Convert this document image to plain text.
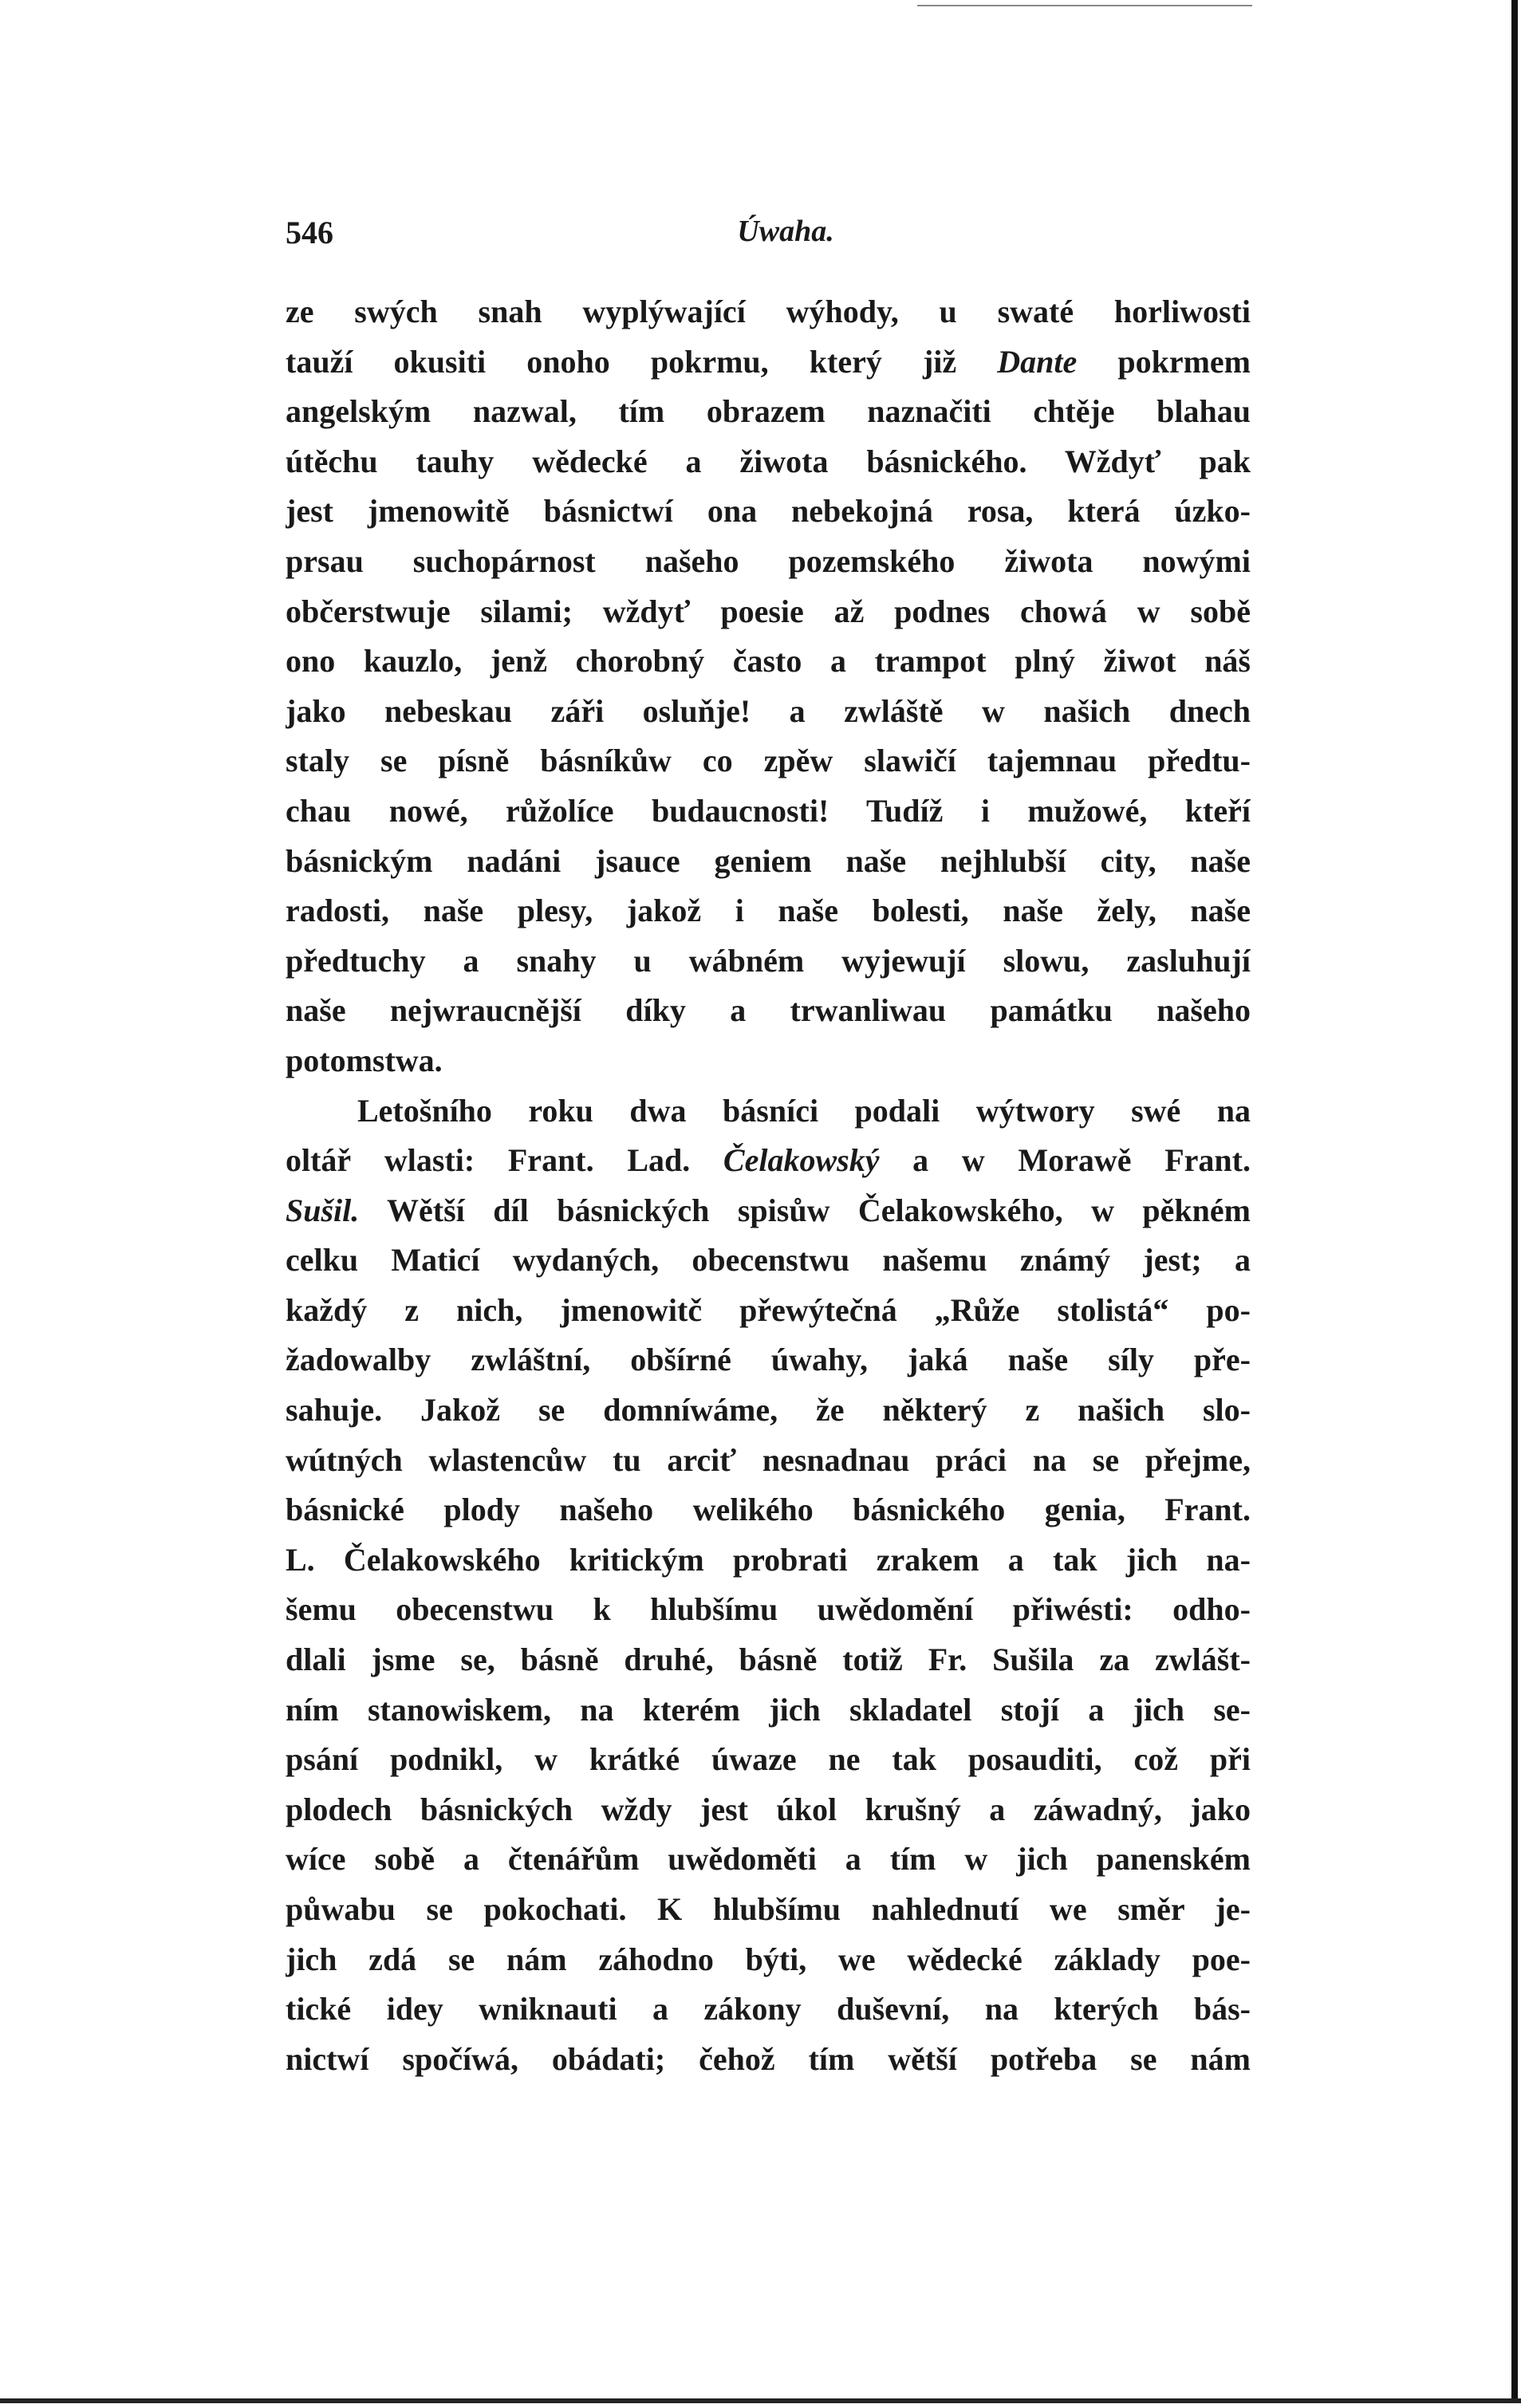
546	Úwaha.
ze swých snah wyplýwající wýhody, u swaté horliwosti
tauží okusiti onoho pokrmu, který již Dante pokrmem
angelským nazwal, tím obrazem naznačiti chtěje blahau
útěchu tauhy wědecké a žiwota básnického. Wždyť pak
jest jmenowitě básnictwí ona nebekojná rosa, která úzko-
prsau suchopárnost našeho pozemského žiwota nowými
občerstwuje silami; wždyť poesie až podnes chowá w sobě
ono kauzlo, jenž chorobný často a trampot plný žiwot náš
jako nebeskau záři osluňje! a zwláště w našich dnech
staly se písně básníkůw co zpěw slawičí tajemnau předtu-
chau nowé, růžolíce budaucnosti! Tudíž i mužowé, kteří
básnickým nadáni jsauce geniem naše nejhlubší city, naše
radosti, naše plesy, jakož i naše bolesti, naše žely, naše
předtuchy a snahy u wábném wyjewují slowu, zasluhují
naše nejwraucnější díky a trwanliwau památku našeho
potomstwa.
Letošního roku dwa básníci podali wýtwory swé na
oltář wlasti: Frant. Lad. Čelakowský a w Morawě Frant.
Sušil. Wětší díl básnických spisůw Čelakowského, w pěkném
celku Maticí wydaných, obecenstwu našemu známý jest; a
každý z nich, jmenowitč přewýtečná „Růže stolistá“ po-
žadowalby zwláštní, obšírné úwahy, jaká naše síly pře-
sahuje. Jakož se domníwáme, že některý z našich slo-
wútných wlastencůw tu arciť nesnadnau práci na se přejme,
básnické plody našeho welikého básnického genia, Frant.
L. Čelakowského kritickým probrati zrakem a tak jich na-
šemu obecenstwu k hlubšímu uwědomění přiwésti: odho-
dlali jsme se, básně druhé, básně totiž Fr. Sušila za zwlášt-
ním stanowiskem, na kterém jich skladatel stojí a jich se-
psání podnikl, w krátké úwaze ne tak posauditi, což při
plodech básnických wždy jest úkol krušný a záwadný, jako
wíce sobě a čtenářům uwědoměti a tím w jich panenském
půwabu se pokochati. K hlubšímu nahlednutí we směr je-
jich zdá se nám záhodno býti, we wědecké základy poe-
tické idey wniknauti a zákony duševní, na kterých bás-
nictwí spočíwá, obádati; čehož tím wětší potřeba se nám
